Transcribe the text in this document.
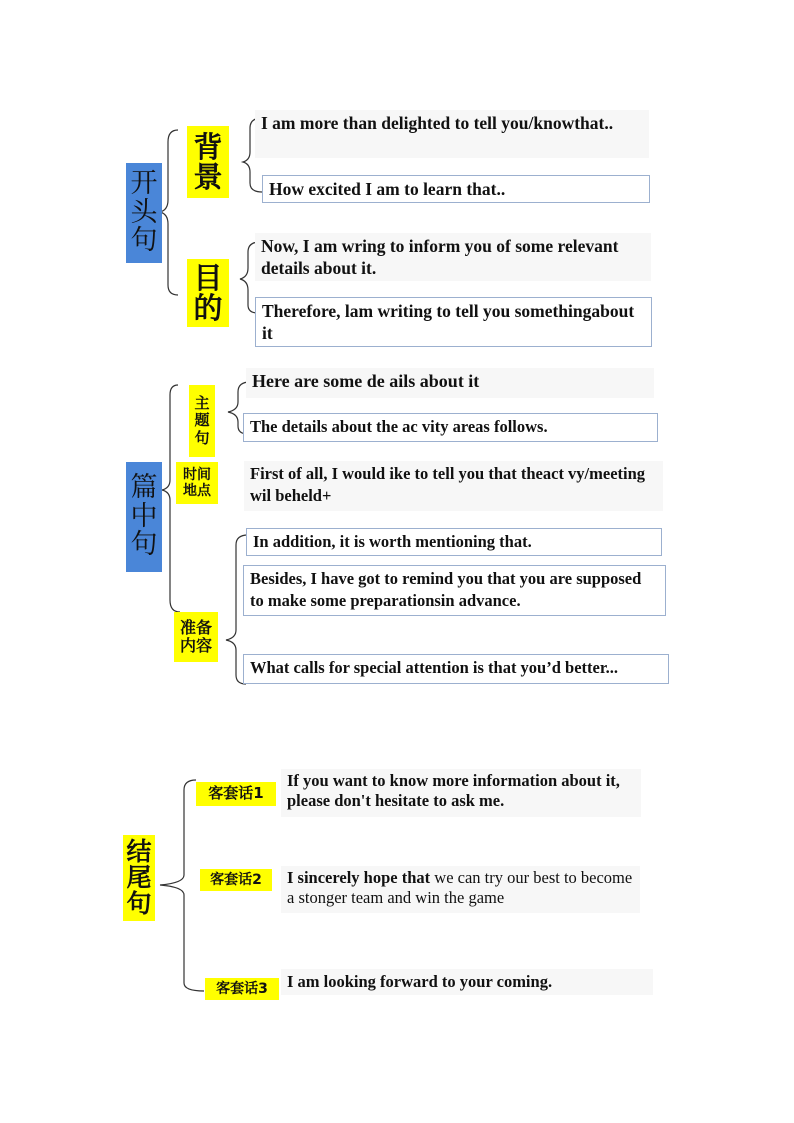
开
头
句
背
景
目
的
I am more than delighted to tell you/knowthat..
How excited I am to learn that..
Now, I am wring to inform you of some relevant details about it.
Therefore, lam writing to tell you somethingabout it
篇
中
句
主
题
句
时间
地点
准备
内容
Here are some de ails about it
The details about the ac vity areas follows.
First of all, I would ike to tell you that theact vy/meeting wil beheld+
In addition, it is worth mentioning that.
Besides, I have got to remind you that you are supposed to make some preparationsin advance.
What calls for special attention is that you’d better...
结
尾
句
客套话1
客套话2
客套话3
If you want to know more information about it, please don't hesitate to ask me.
I sincerely hope that we can try our best to become a stonger team and win the game
I am looking forward to your coming.
